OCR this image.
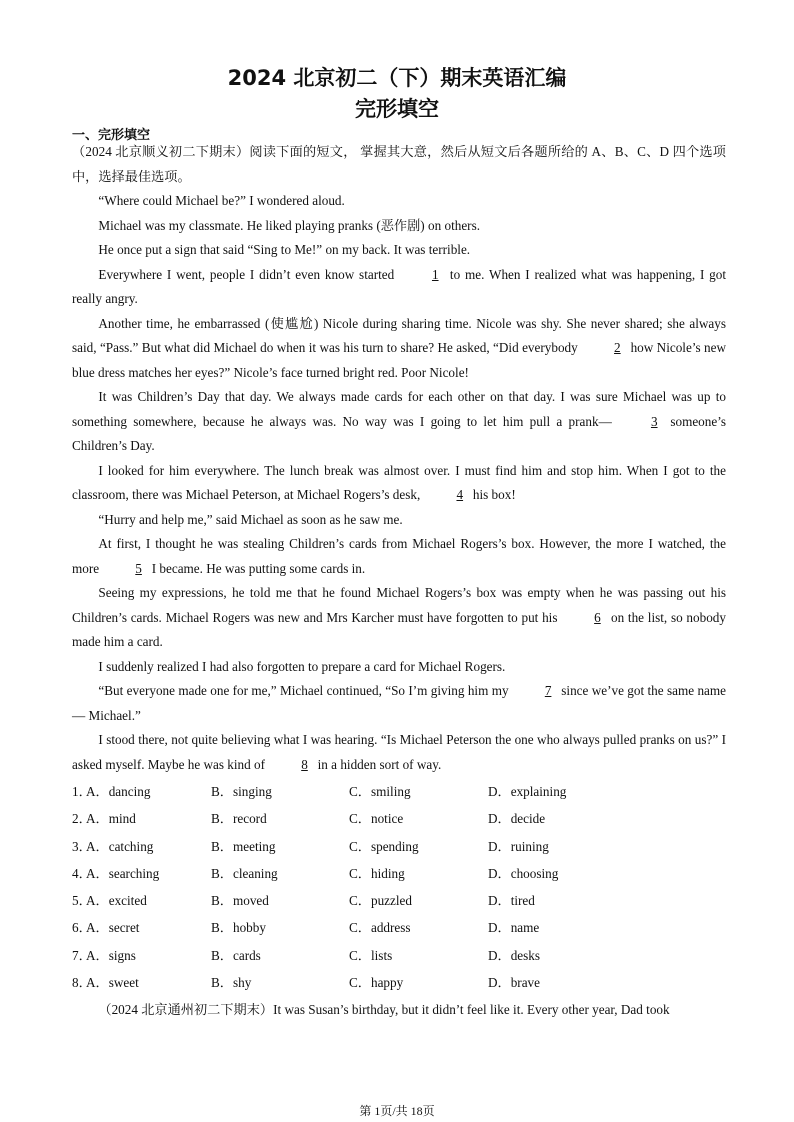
2024 北京初二（下）期末英语汇编
完形填空
一、完形填空

（2024 北京顺义初二下期末）阅读下面的短文， 掌握其大意，然后从短文后各题所给的 A、B、C、D 四个选项中，选择最佳选项。

“Where could Michael be?” I wondered aloud.

Michael was my classmate. He liked playing pranks (恶作剧) on others.

He once put a sign that said “Sing to Me!” on my back. It was terrible.

Everywhere I went, people I didn’t even know started	1 to me. When I realized what was happening, I got really angry.

Another time, he embarrassed (使尴尬) Nicole during sharing time. Nicole was shy. She never shared; she always said, “Pass.” But what did Michael do when it was his turn to share? He asked, “Did everybody	2 how Nicole’s new blue dress matches her eyes?” Nicole’s face turned bright red. Poor Nicole!

It was Children’s Day that day. We always made cards for each other on that day. I was sure Michael was up to something somewhere, because he always was. No way was I going to let him pull a prank—	3 someone’s Children’s Day.

I looked for him everywhere. The lunch break was almost over. I must find him and stop him. When I got to the classroom, there was Michael Peterson, at Michael Rogers’s desk,	4 his box!

“Hurry and help me,” said Michael as soon as he saw me.

At first, I thought he was stealing Children’s cards from Michael Rogers’s box. However, the more I watched, the more	5 I became. He was putting some cards in.

Seeing my expressions, he told me that he found Michael Rogers’s box was empty when he was passing out his Children’s cards. Michael Rogers was new and Mrs Karcher must have forgotten to put his	6 on the list, so nobody made him a card.

I suddenly realized I had also forgotten to prepare a card for Michael Rogers.

“But everyone made one for me,” Michael continued, “So I’m giving him my	7 since we’ve got the same name— Michael.”

I stood there, not quite believing what I was hearing. “Is Michael Peterson the one who always pulled pranks on us?” I asked myself. Maybe he was kind of	8 in a hidden sort of way.

1．
A．dancing	B．singing	C．smiling	D．explaining
2．
A．mind	B．record	C．notice	D．decide
3．
A．catching	B．meeting	C．spending	D．ruining
4．
A．searching	B．cleaning	C．hiding	D．choosing
5．
A．excited	B．moved	C．puzzled	D．tired
6．
A．secret	B．hobby	C．address	D．name
7．
A．signs	B．cards	C．lists	D．desks
8．
A．sweet	B．shy	C．happy	D．brave
（2024 北京通州初二下期末）It was Susan’s birthday, but it didn’t feel like it. Every other year, Dad took
第 1页/共 18页
